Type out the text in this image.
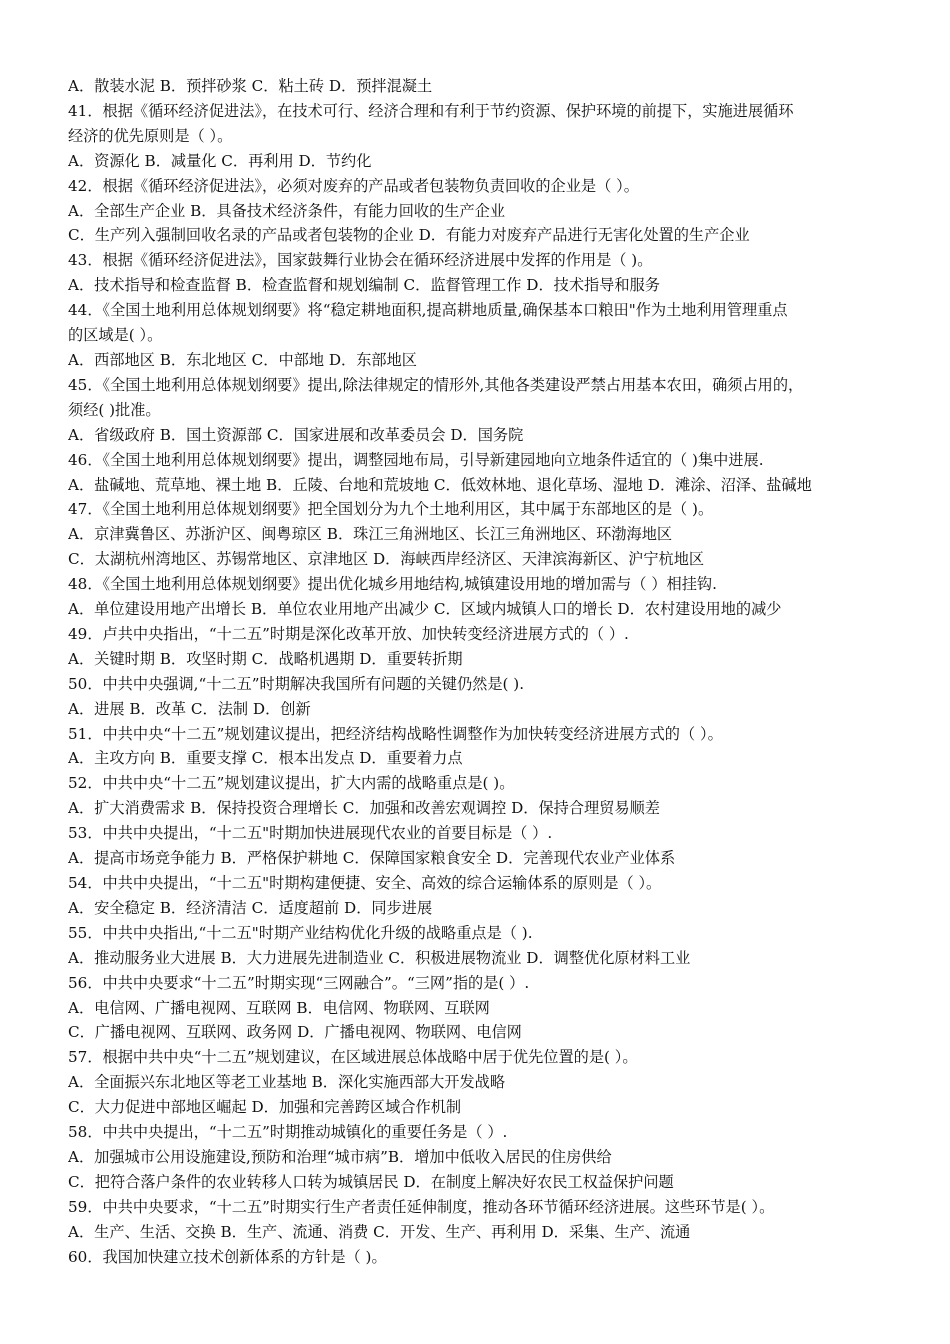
A．散装水泥 B．预拌砂浆 C．粘土砖 D．预拌混凝土
41．根据《循环经济促进法》，在技术可行、经济合理和有利于节约资源、保护环境的前提下，实施进展循环
经济的优先原则是（ ）。
A．资源化 B．减量化 C．再利用 D．节约化
42．根据《循环经济促进法》，必须对废弃的产品或者包装物负责回收的企业是（ ）。
A．全部生产企业 B．具备技术经济条件，有能力回收的生产企业
C．生产列入强制回收名录的产品或者包装物的企业 D．有能力对废弃产品进行无害化处置的生产企业
43．根据《循环经济促进法》，国家鼓舞行业协会在循环经济进展中发挥的作用是（ )。
A．技术指导和检查监督 B．检查监督和规划编制 C．监督管理工作 D．技术指导和服务
44．《全国土地利用总体规划纲要》将“稳定耕地面积,提高耕地质量,确保基本口粮田"作为土地利用管理重点
的区域是( ）。
A．西部地区 B．东北地区 C．中部地 D．东部地区
45．《全国土地利用总体规划纲要》提出,除法律规定的情形外,其他各类建设严禁占用基本农田，确须占用的，
须经( )批准。
A．省级政府 B．国土资源部 C．国家进展和改革委员会 D．国务院
46．《全国土地利用总体规划纲要》提出，调整园地布局，引导新建园地向立地条件适宜的（ )集中进展.
A．盐碱地、荒草地、裸土地 B．丘陵、台地和荒坡地 C．低效林地、退化草场、湿地 D．滩涂、沼泽、盐碱地
47．《全国土地利用总体规划纲要》把全国划分为九个土地利用区，其中属于东部地区的是（ )。
A．京津冀鲁区、苏浙沪区、闽粤琼区 B．珠江三角洲地区、长江三角洲地区、环渤海地区
C．太湖杭州湾地区、苏锡常地区、京津地区 D．海峡西岸经济区、天津滨海新区、沪宁杭地区
48．《全国土地利用总体规划纲要》提出优化城乡用地结构,城镇建设用地的增加需与（ ）相挂钩.
A．单位建设用地产出增长 B．单位农业用地产出减少 C．区域内城镇人口的增长 D．农村建设用地的减少
49．卢共中央指出，“十二五”时期是深化改革开放、加快转变经济进展方式的（ ）.
A．关键时期 B．攻坚时期 C．战略机遇期 D．重要转折期
50．中共中央强调,“十二五”时期解决我国所有问题的关键仍然是( ).
A．进展 B．改革 C．法制 D．创新
51．中共中央“十二五”规划建议提出，把经济结构战略性调整作为加快转变经济进展方式的（ ）。
A．主攻方向 B．重要支撑 C．根本出发点 D．重要着力点
52．中共中央“十二五”规划建议提出，扩大内需的战略重点是( )。
A．扩大消费需求 B．保持投资合理增长 C．加强和改善宏观调控 D．保持合理贸易顺差
53．中共中央提出，“十二五"时期加快进展现代农业的首要目标是（ ）.
A．提高市场竞争能力 B．严格保护耕地 C．保障国家粮食安全 D．完善现代农业产业体系
54．中共中央提出，“十二五"时期构建便捷、安全、高效的综合运输体系的原则是（ ）。
A．安全稳定 B．经济清洁 C．适度超前 D．同步进展
55．中共中央指出,“十二五"时期产业结构优化升级的战略重点是（ ).
A．推动服务业大进展 B．大力进展先进制造业 C．积极进展物流业 D．调整优化原材料工业
56．中共中央要求“十二五”时期实现“三网融合”。“三网”指的是( ）.
A．电信网、广播电视网、互联网 B．电信网、物联网、互联网
C．广播电视网、互联网、政务网 D．广播电视网、物联网、电信网
57．根据中共中央“十二五”规划建议，在区域进展总体战略中居于优先位置的是( ）。
A．全面振兴东北地区等老工业基地 B．深化实施西部大开发战略
C．大力促进中部地区崛起 D．加强和完善跨区域合作机制
58．中共中央提出，“十二五”时期推动城镇化的重要任务是（ ）.
A．加强城市公用设施建设,预防和治理“城市病”B．增加中低收入居民的住房供给
C．把符合落户条件的农业转移人口转为城镇居民 D．在制度上解决好农民工权益保护问题
59．中共中央要求，“十二五”时期实行生产者责任延伸制度，推动各环节循环经济进展。这些环节是( ）。
A．生产、生活、交换 B．生产、流通、消费 C．开发、生产、再利用 D．采集、生产、流通
60．我国加快建立技术创新体系的方针是（ )。
